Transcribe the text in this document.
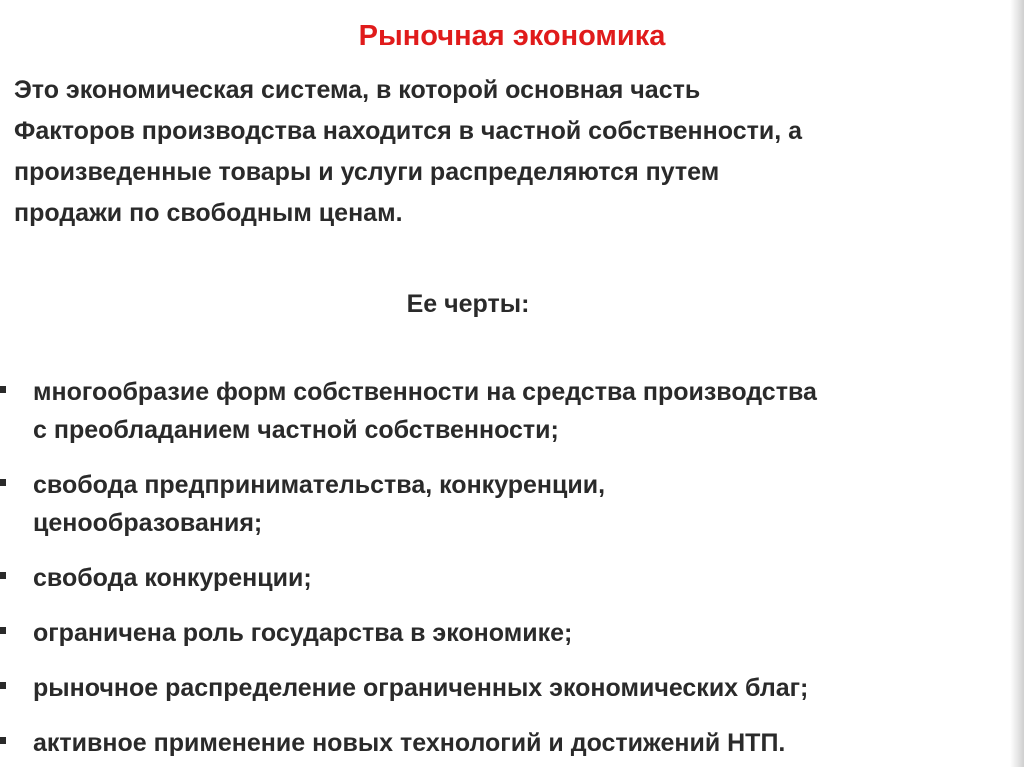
Рыночная экономика

Это экономическая система, в которой основная часть
Факторов производства находится в частной собственности, а
произведенные товары и услуги распределяются путем
продажи по свободным ценам.

Ее черты:
многообразие форм собственности на средства производства
с преобладанием частной собственности;
свобода предпринимательства, конкуренции,
ценообразования;
свобода конкуренции;
ограничена роль государства в экономике;
рыночное распределение ограниченных экономических благ;
активное применение новых технологий и достижений НТП.
